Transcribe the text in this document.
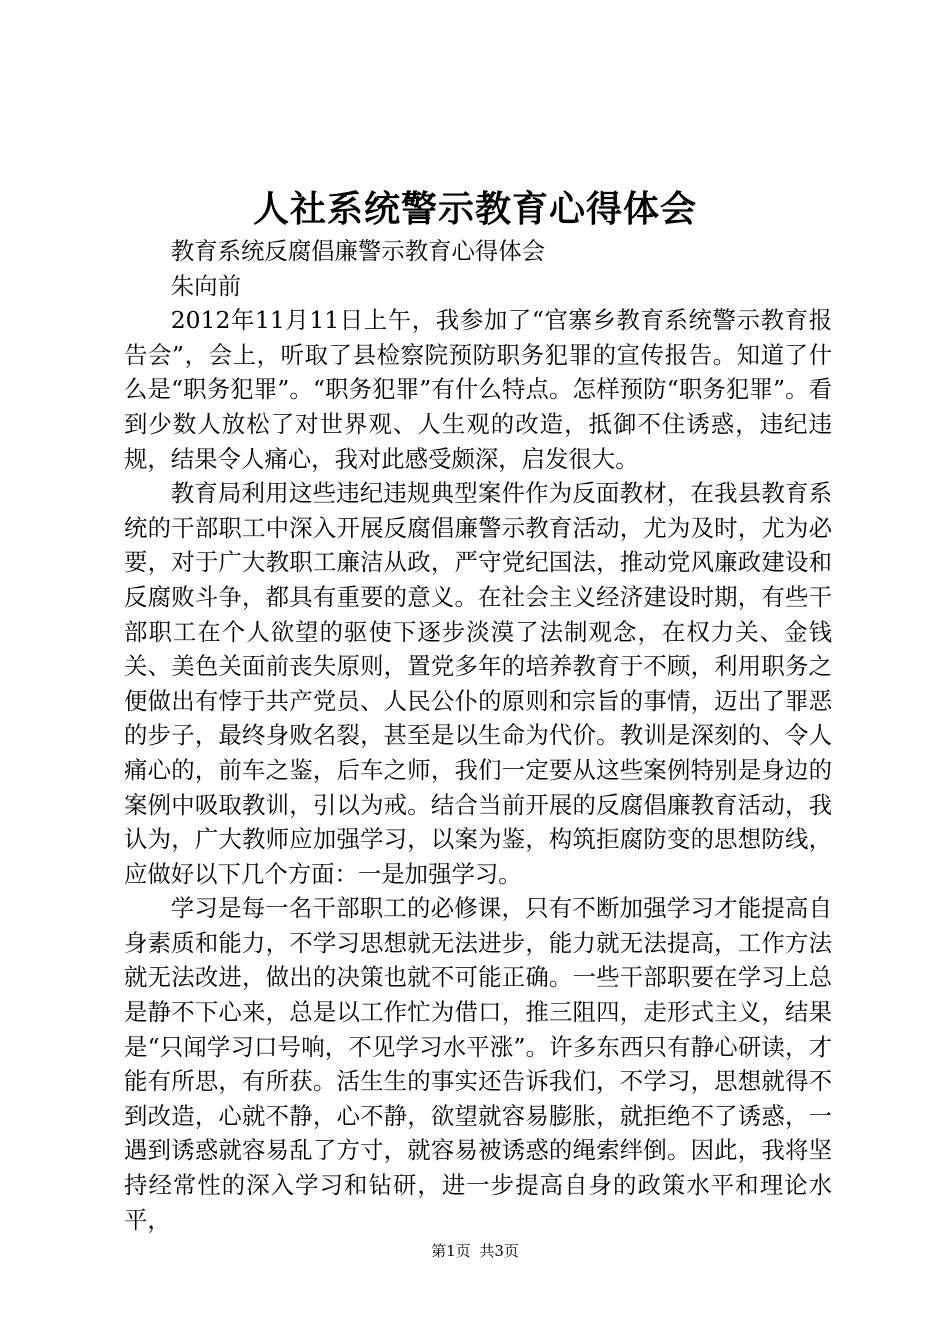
人社系统警示教育心得体会

教育系统反腐倡廉警示教育心得体会

朱向前

2012年11月11日上午，我参加了“官寨乡教育系统警示教育报告会”，会上，听取了县检察院预防职务犯罪的宣传报告。知道了什么是“职务犯罪”。“职务犯罪”有什么特点。怎样预防“职务犯罪”。看到少数人放松了对世界观、人生观的改造，抵御不住诱惑，违纪违规，结果令人痛心，我对此感受颇深，启发很大。

教育局利用这些违纪违规典型案件作为反面教材，在我县教育系统的干部职工中深入开展反腐倡廉警示教育活动，尤为及时，尤为必要，对于广大教职工廉洁从政，严守党纪国法，推动党风廉政建设和反腐败斗争，都具有重要的意义。在社会主义经济建设时期，有些干部职工在个人欲望的驱使下逐步淡漠了法制观念，在权力关、金钱关、美色关面前丧失原则，置党多年的培养教育于不顾，利用职务之便做出有悖于共产党员、人民公仆的原则和宗旨的事情，迈出了罪恶的步子，最终身败名裂，甚至是以生命为代价。教训是深刻的、令人痛心的，前车之鉴，后车之师，我们一定要从这些案例特别是身边的案例中吸取教训，引以为戒。结合当前开展的反腐倡廉教育活动，我认为，广大教师应加强学习，以案为鉴，构筑拒腐防变的思想防线，应做好以下几个方面：一是加强学习。

学习是每一名干部职工的必修课，只有不断加强学习才能提高自身素质和能力，不学习思想就无法进步，能力就无法提高，工作方法就无法改进，做出的决策也就不可能正确。一些干部职要在学习上总是静不下心来，总是以工作忙为借口，推三阻四，走形式主义，结果是“只闻学习口号响，不见学习水平涨”。许多东西只有静心研读，才能有所思，有所获。活生生的事实还告诉我们，不学习，思想就得不到改造，心就不静，心不静，欲望就容易膨胀，就拒绝不了诱惑，一遇到诱惑就容易乱了方寸，就容易被诱惑的绳索绊倒。因此，我将坚持经常性的深入学习和钻研，进一步提高自身的政策水平和理论水平，

第1页 共3页
